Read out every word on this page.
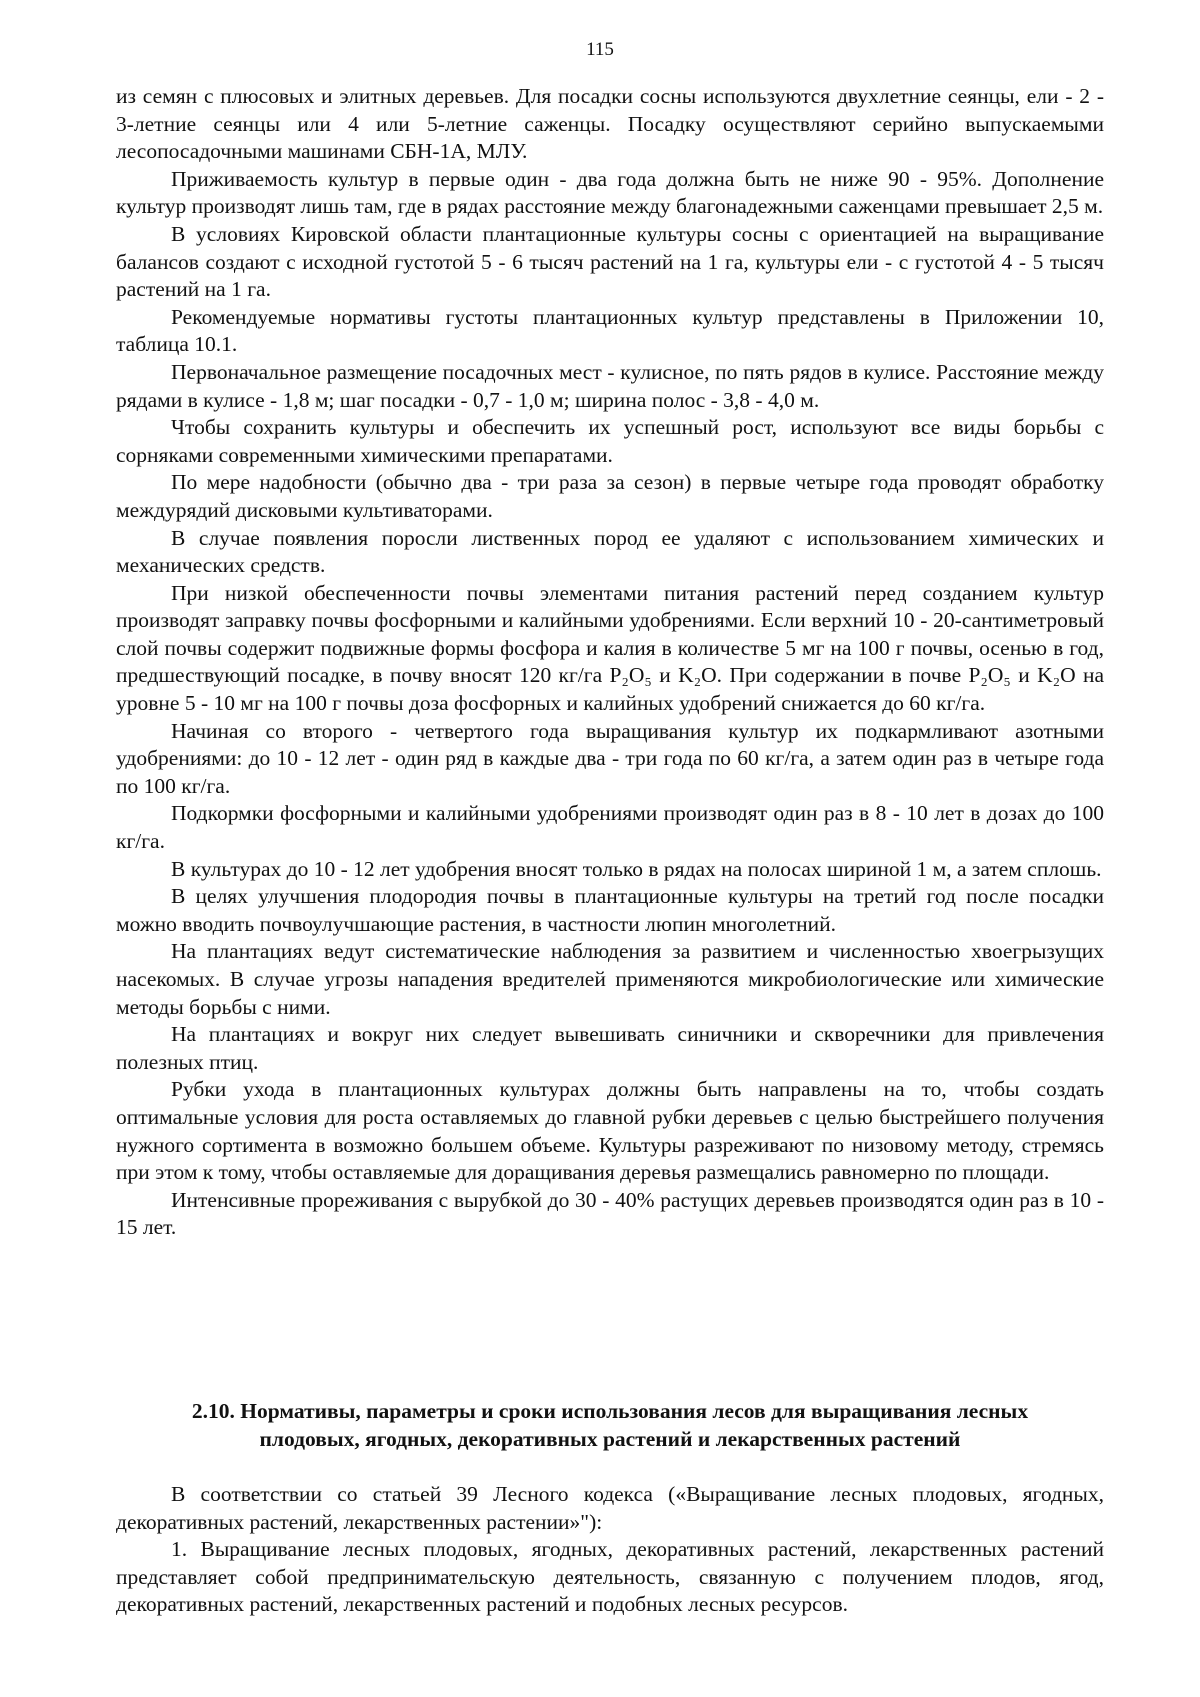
115

из семян с плюсовых и элитных деревьев. Для посадки сосны используются двухлетние сеянцы, ели - 2 - 3-летние сеянцы или 4 или 5-летние саженцы. Посадку осуществляют серийно выпускаемыми лесопосадочными машинами СБН-1А, МЛУ.

Приживаемость культур в первые один - два года должна быть не ниже 90 - 95%. Дополнение культур производят лишь там, где в рядах расстояние между благонадежными саженцами превышает 2,5 м.

В условиях Кировской области плантационные культуры сосны с ориентацией на выращивание балансов создают с исходной густотой 5 - 6 тысяч растений на 1 га, культуры ели - с густотой 4 - 5 тысяч растений на 1 га.

Рекомендуемые нормативы густоты плантационных культур представлены в Приложении 10, таблица 10.1.

Первоначальное размещение посадочных мест - кулисное, по пять рядов в кулисе. Расстояние между рядами в кулисе - 1,8 м; шаг посадки - 0,7 - 1,0 м; ширина полос - 3,8 - 4,0 м.

Чтобы сохранить культуры и обеспечить их успешный рост, используют все виды борьбы с сорняками современными химическими препаратами.

По мере надобности (обычно два - три раза за сезон) в первые четыре года проводят обработку междурядий дисковыми культиваторами.

В случае появления поросли лиственных пород ее удаляют с использованием химических и механических средств.

При низкой обеспеченности почвы элементами питания растений перед созданием культур производят заправку почвы фосфорными и калийными удобрениями. Если верхний 10 - 20-сантиметровый слой почвы содержит подвижные формы фосфора и калия в количестве 5 мг на 100 г почвы, осенью в год, предшествующий посадке, в почву вносят 120 кг/га P₂O₅ и K₂O. При содержании в почве P₂O₅ и K₂O на уровне 5 - 10 мг на 100 г почвы доза фосфорных и калийных удобрений снижается до 60 кг/га.

Начиная со второго - четвертого года выращивания культур их подкармливают азотными удобрениями: до 10 - 12 лет - один ряд в каждые два - три года по 60 кг/га, а затем один раз в четыре года по 100 кг/га.

Подкормки фосфорными и калийными удобрениями производят один раз в 8 - 10 лет в дозах до 100 кг/га.

В культурах до 10 - 12 лет удобрения вносят только в рядах на полосах шириной 1 м, а затем сплошь.

В целях улучшения плодородия почвы в плантационные культуры на третий год после посадки можно вводить почвоулучшающие растения, в частности люпин многолетний.

На плантациях ведут систематические наблюдения за развитием и численностью хвоегрызущих насекомых. В случае угрозы нападения вредителей применяются микробиологические или химические методы борьбы с ними.

На плантациях и вокруг них следует вывешивать синичники и скворечники для привлечения полезных птиц.

Рубки ухода в плантационных культурах должны быть направлены на то, чтобы создать оптимальные условия для роста оставляемых до главной рубки деревьев с целью быстрейшего получения нужного сортимента в возможно большем объеме. Культуры разреживают по низовому методу, стремясь при этом к тому, чтобы оставляемые для доращивания деревья размещались равномерно по площади.

Интенсивные прореживания с вырубкой до 30 - 40% растущих деревьев производятся один раз в 10 - 15 лет.

2.10. Нормативы, параметры и сроки использования лесов для выращивания лесных плодовых, ягодных, декоративных растений и лекарственных растений

В соответствии со статьей 39 Лесного кодекса («Выращивание лесных плодовых, ягодных, декоративных растений, лекарственных растении»"):

1. Выращивание лесных плодовых, ягодных, декоративных растений, лекарственных растений представляет собой предпринимательскую деятельность, связанную с получением плодов, ягод, декоративных растений, лекарственных растений и подобных лесных ресурсов.
